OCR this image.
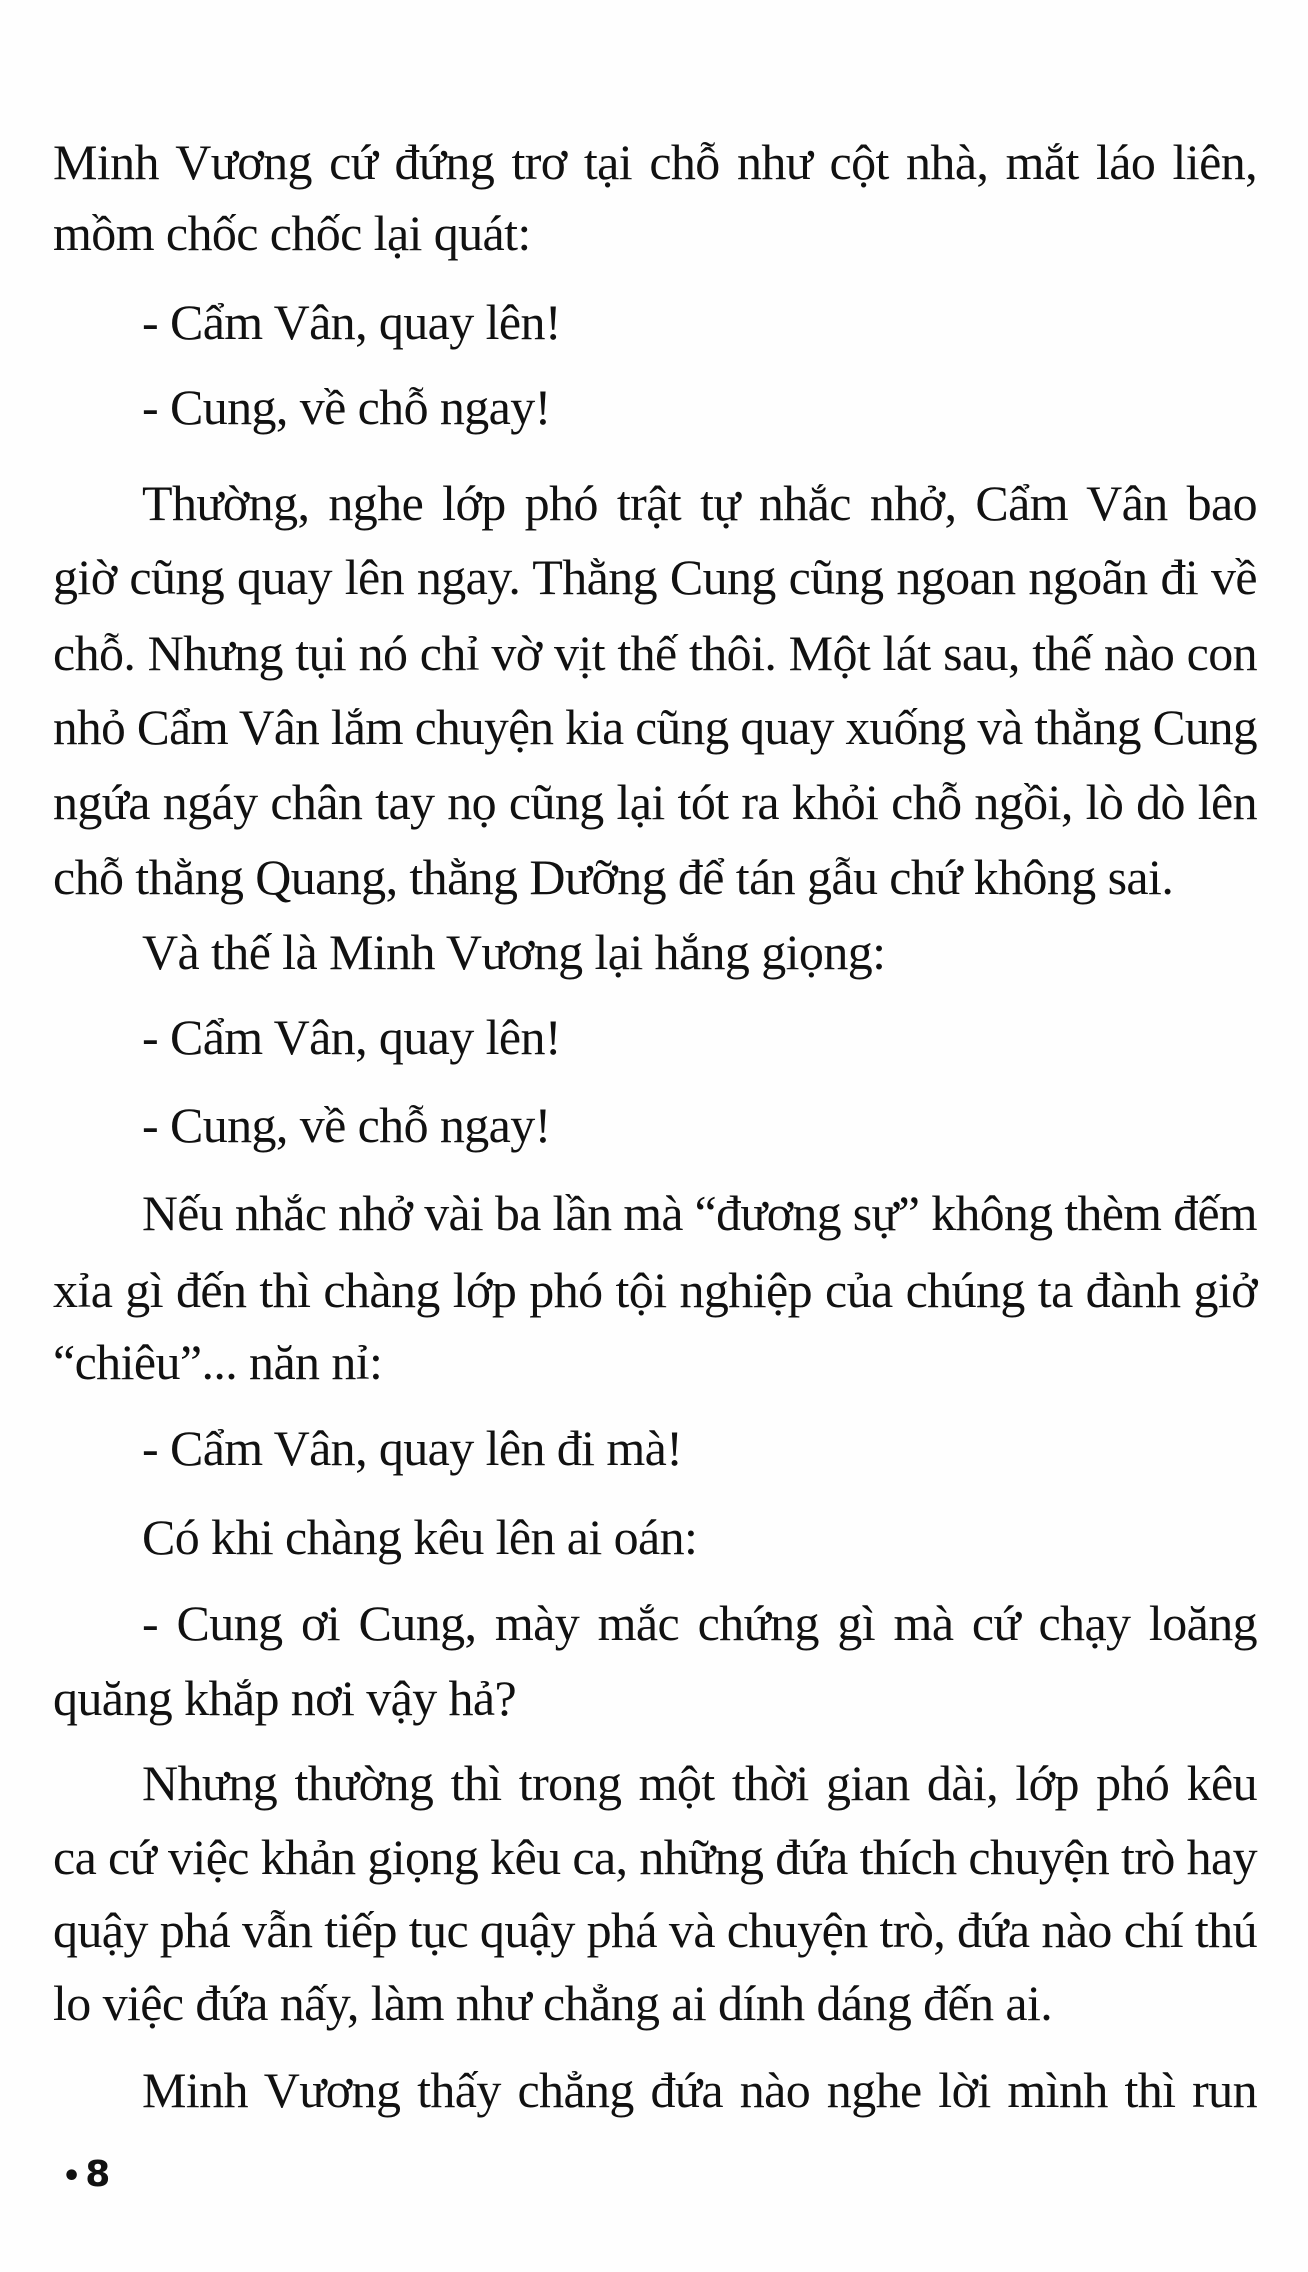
Minh Vương cứ đứng trơ tại chỗ như cột nhà, mắt láo liên,
mồm chốc chốc lại quát:
- Cẩm Vân, quay lên!
- Cung, về chỗ ngay!
Thường, nghe lớp phó trật tự nhắc nhở, Cẩm Vân bao
giờ cũng quay lên ngay. Thằng Cung cũng ngoan ngoãn đi về
chỗ. Nhưng tụi nó chỉ vờ vịt thế thôi. Một lát sau, thế nào con
nhỏ Cẩm Vân lắm chuyện kia cũng quay xuống và thằng Cung
ngứa ngáy chân tay nọ cũng lại tót ra khỏi chỗ ngồi, lò dò lên
chỗ thằng Quang, thằng Dưỡng để tán gẫu chứ không sai.
Và thế là Minh Vương lại hắng giọng:
- Cẩm Vân, quay lên!
- Cung, về chỗ ngay!
Nếu nhắc nhở vài ba lần mà “đương sự” không thèm đếm
xỉa gì đến thì chàng lớp phó tội nghiệp của chúng ta đành giở
“chiêu”... năn nỉ:
- Cẩm Vân, quay lên đi mà!
Có khi chàng kêu lên ai oán:
- Cung ơi Cung, mày mắc chứng gì mà cứ chạy loăng
quăng khắp nơi vậy hả?
Nhưng thường thì trong một thời gian dài, lớp phó kêu
ca cứ việc khản giọng kêu ca, những đứa thích chuyện trò hay
quậy phá vẫn tiếp tục quậy phá và chuyện trò, đứa nào chí thú
lo việc đứa nấy, làm như chẳng ai dính dáng đến ai.
Minh Vương thấy chẳng đứa nào nghe lời mình thì run
• 8
